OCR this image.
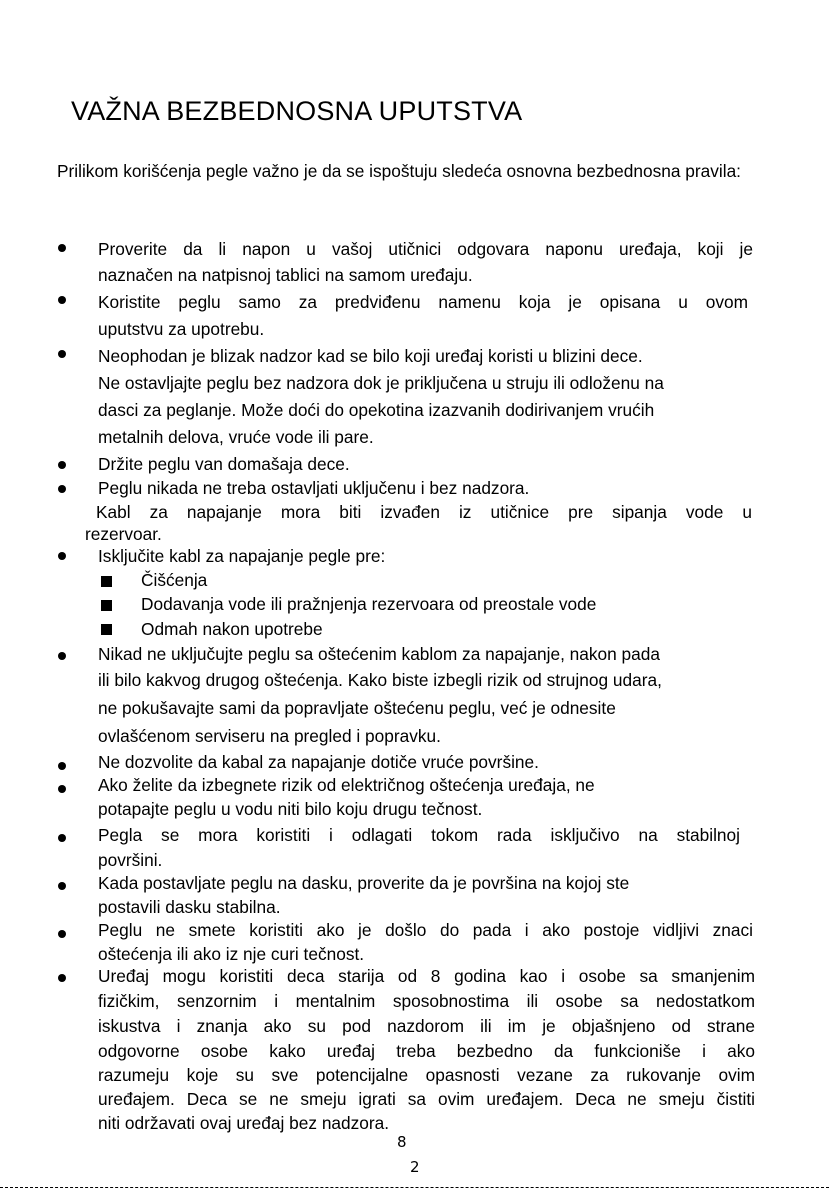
VAŽNA BEZBEDNOSNA UPUTSTVA
Prilikom korišćenja pegle važno je da se ispoštuju sledeća osnovna bezbednosna pravila:
Proverite da li napon u vašoj utičnici odgovara naponu uređaja, koji je
naznačen na natpisnoj tablici na samom uređaju.
Koristite peglu samo za predviđenu namenu koja je opisana u ovom
uputstvu za upotrebu.
Neophodan je blizak nadzor kad se bilo koji uređaj koristi u blizini dece.
Ne ostavljajte peglu bez nadzora dok je priključena u struju ili odloženu na
dasci za peglanje. Može doći do opekotina izazvanih dodirivanjem vrućih
metalnih delova, vruće vode ili pare.
Držite peglu van domašaja dece.
Peglu nikada ne treba ostavljati uključenu i bez nadzora.
Kabl za napajanje mora biti izvađen iz utičnice pre sipanja vode u
rezervoar.
Isključite kabl za napajanje pegle pre:
Čišćenja
Dodavanja vode ili pražnjenja rezervoara od preostale vode
Odmah nakon upotrebe
Nikad ne uključujte peglu sa oštećenim kablom za napajanje, nakon pada
ili bilo kakvog drugog oštećenja. Kako biste izbegli rizik od strujnog udara,
ne pokušavajte sami da popravljate oštećenu peglu, već je odnesite
ovlašćenom serviseru na pregled i popravku.
Ne dozvolite da kabal za napajanje dotiče vruće površine.
Ako želite da izbegnete rizik od električnog oštećenja uređaja, ne
potapajte peglu u vodu niti bilo koju drugu tečnost.
Pegla se mora koristiti i odlagati tokom rada isključivo na stabilnoj
površini.
Kada postavljate peglu na dasku, proverite da je površina na kojoj ste
postavili dasku stabilna.
Peglu ne smete koristiti ako je došlo do pada i ako postoje vidljivi znaci
oštećenja ili ako iz nje curi tečnost.
Uređaj mogu koristiti deca starija od 8 godina kao i osobe sa smanjenim
fizičkim, senzornim i mentalnim sposobnostima ili osobe sa nedostatkom
iskustva i znanja ako su pod nazdorom ili im je objašnjeno od strane
odgovorne osobe kako uređaj treba bezbedno da funkcioniše i ako
razumeju koje su sve potencijalne opasnosti vezane za rukovanje ovim
uređajem. Deca se ne smeju igrati sa ovim uređajem. Deca ne smeju čistiti
niti održavati ovaj uređaj bez nadzora.
8
2
